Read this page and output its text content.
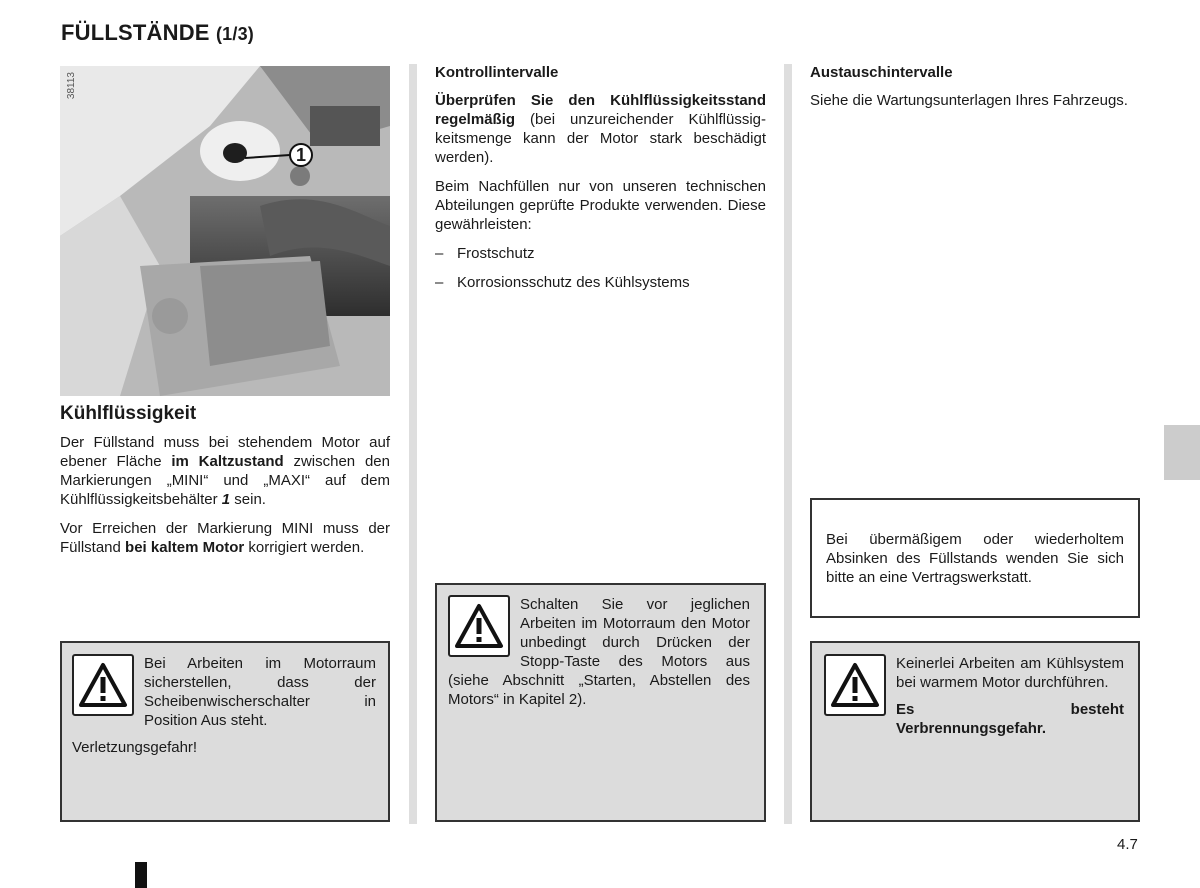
FÜLLSTÄNDE (1/3)
38113
1
Kühlflüssigkeit

Der Füllstand muss bei stehendem Motor auf ebener Fläche im Kaltzustand zwischen den Markierungen „MINI“ und „MAXI“ auf dem Kühlflüssigkeitsbehälter 1 sein.

Vor Erreichen der Markierung MINI muss der Füllstand bei kaltem Motor korrigiert werden.

Bei Arbeiten im Motorraum sicherstellen, dass der Scheibenwischerschalter in Position Aus steht.

Verletzungsgefahr!

Kontrollintervalle

Überprüfen Sie den Kühlflüssigkeitsstand regelmäßig (bei unzureichender Kühlflüssig-keitsmenge kann der Motor stark beschädigt werden).

Beim Nachfüllen nur von unseren technischen Abteilungen geprüfte Produkte verwenden. Diese gewährleisten:

– Frostschutz
– Korrosionsschutz des Kühlsystems

Schalten Sie vor jeglichen Arbeiten im Motorraum den Motor unbedingt durch Drücken der Stopp-Taste des Motors aus (siehe Abschnitt „Starten, Abstellen des Motors“ in Kapitel 2).

Austauschintervalle

Siehe die Wartungsunterlagen Ihres Fahrzeugs.

Bei übermäßigem oder wiederholtem Absinken des Füllstands wenden Sie sich bitte an eine Vertragswerkstatt.

Keinerlei Arbeiten am Kühlsystem bei warmem Motor durchführen.

Es besteht Verbrennungsgefahr.

4.7
